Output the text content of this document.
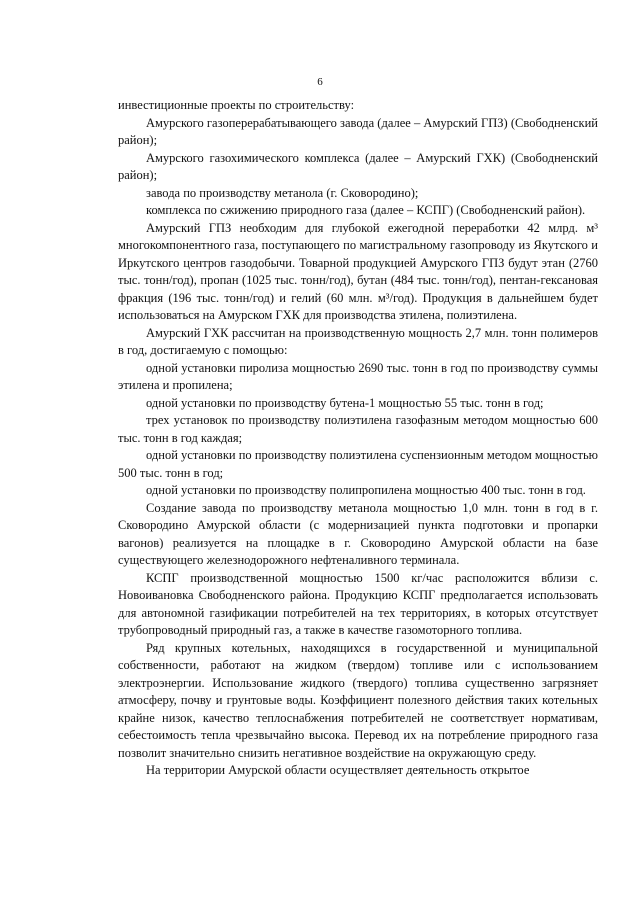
6

инвестиционные проекты по строительству:

Амурского газоперерабатывающего завода (далее – Амурский ГПЗ) (Свободненский район);

Амурского газохимического комплекса (далее – Амурский ГХК) (Свободненский район);

завода по производству метанола (г. Сковородино);

комплекса по сжижению природного газа (далее – КСПГ) (Свободненский район).

Амурский ГПЗ необходим для глубокой ежегодной переработки 42 млрд. м³ многокомпонентного газа, поступающего по магистральному газопроводу из Якутского и Иркутского центров газодобычи. Товарной продукцией Амурского ГПЗ будут этан (2760 тыс. тонн/год), пропан (1025 тыс. тонн/год), бутан (484 тыс. тонн/год), пентан-гексановая фракция (196 тыс. тонн/год) и гелий (60 млн. м³/год). Продукция в дальнейшем будет использоваться на Амурском ГХК для производства этилена, полиэтилена.

Амурский ГХК рассчитан на производственную мощность 2,7 млн. тонн полимеров в год, достигаемую с помощью:

одной установки пиролиза мощностью 2690 тыс. тонн в год по производству суммы этилена и пропилена;

одной установки по производству бутена-1 мощностью 55 тыс. тонн в год;

трех установок по производству полиэтилена газофазным методом мощностью 600 тыс. тонн в год каждая;

одной установки по производству полиэтилена суспензионным методом мощностью 500 тыс. тонн в год;

одной установки по производству полипропилена мощностью 400 тыс. тонн в год.

Создание завода по производству метанола мощностью 1,0 млн. тонн в год в г. Сковородино Амурской области (с модернизацией пункта подготовки и пропарки вагонов) реализуется на площадке в г. Сковородино Амурской области на базе существующего железнодорожного нефтеналивного терминала.

КСПГ производственной мощностью 1500 кг/час расположится вблизи с. Новоивановка Свободненского района. Продукцию КСПГ предполагается использовать для автономной газификации потребителей на тех территориях, в которых отсутствует трубопроводный природный газ, а также в качестве газомоторного топлива.

Ряд крупных котельных, находящихся в государственной и муниципальной собственности, работают на жидком (твердом) топливе или с использованием электроэнергии. Использование жидкого (твердого) топлива существенно загрязняет атмосферу, почву и грунтовые воды. Коэффициент полезного действия таких котельных крайне низок, качество теплоснабжения потребителей не соответствует нормативам, себестоимость тепла чрезвычайно высока. Перевод их на потребление природного газа позволит значительно снизить негативное воздействие на окружающую среду.

На территории Амурской области осуществляет деятельность открытое
